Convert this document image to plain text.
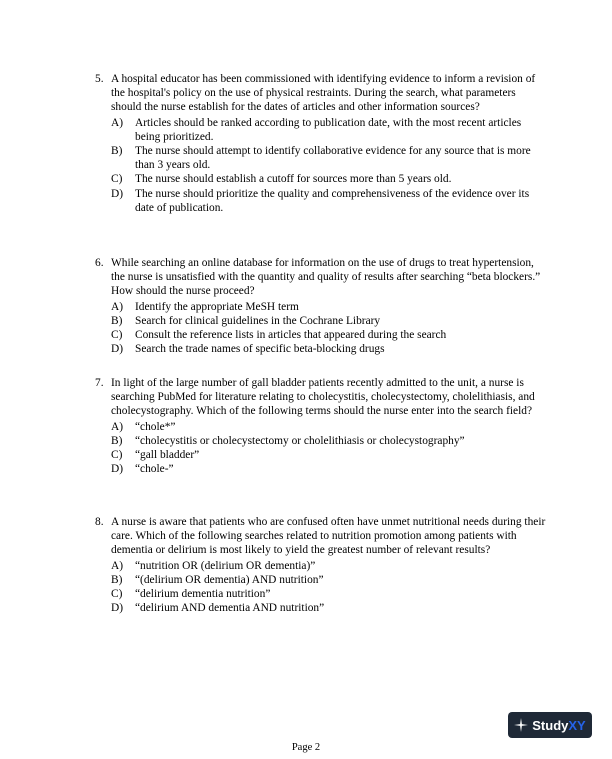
5. A hospital educator has been commissioned with identifying evidence to inform a revision of the hospital's policy on the use of physical restraints. During the search, what parameters should the nurse establish for the dates of articles and other information sources?
A)	Articles should be ranked according to publication date, with the most recent articles being prioritized.
B)	The nurse should attempt to identify collaborative evidence for any source that is more than 3 years old.
C)	The nurse should establish a cutoff for sources more than 5 years old.
D)	The nurse should prioritize the quality and comprehensiveness of the evidence over its date of publication.
6. While searching an online database for information on the use of drugs to treat hypertension, the nurse is unsatisfied with the quantity and quality of results after searching “beta blockers.” How should the nurse proceed?
A)	Identify the appropriate MeSH term
B)	Search for clinical guidelines in the Cochrane Library
C)	Consult the reference lists in articles that appeared during the search
D)	Search the trade names of specific beta-blocking drugs
7. In light of the large number of gall bladder patients recently admitted to the unit, a nurse is searching PubMed for literature relating to cholecystitis, cholecystectomy, cholelithiasis, and cholecystography. Which of the following terms should the nurse enter into the search field?
A)	“chole*”
B)	“cholecystitis or cholecystectomy or cholelithiasis or cholecystography”
C)	“gall bladder”
D)	“chole-”
8. A nurse is aware that patients who are confused often have unmet nutritional needs during their care. Which of the following searches related to nutrition promotion among patients with dementia or delirium is most likely to yield the greatest number of relevant results?
A)	“nutrition OR (delirium OR dementia)”
B)	“(delirium OR dementia) AND nutrition”
C)	“delirium dementia nutrition”
D)	“delirium AND dementia AND nutrition”
StudyXY
Page 2
